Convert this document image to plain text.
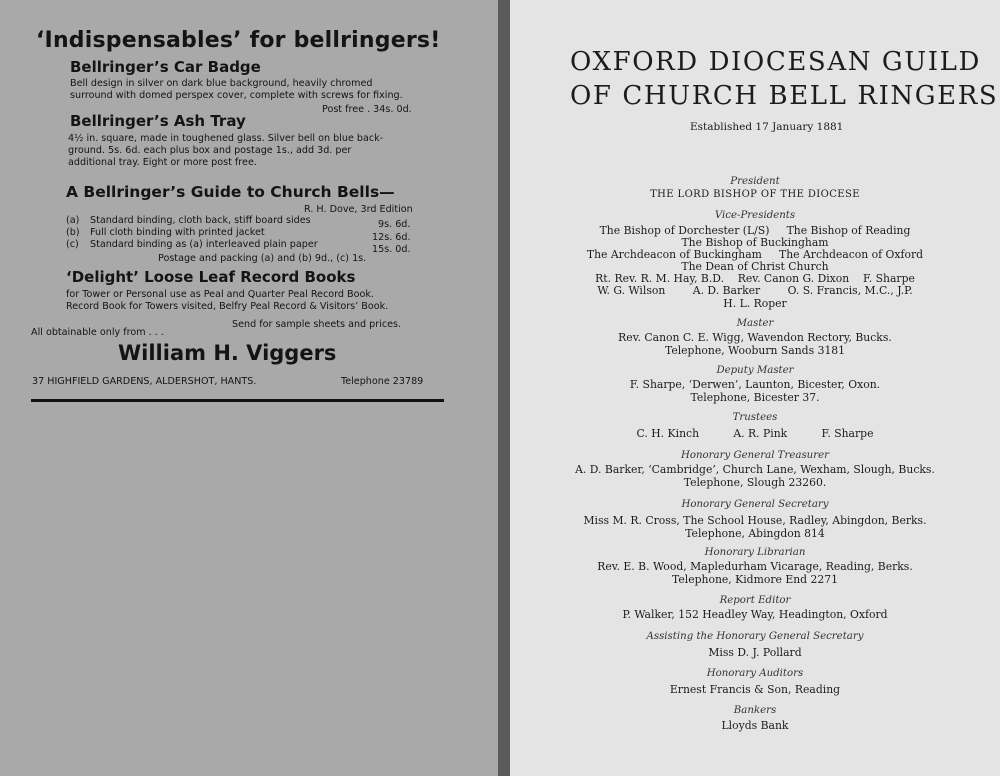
‘Indispensables’ for bellringers!
Bellringer’s Car Badge
Bell design in silver on dark blue background, heavily chromed
surround with domed perspex cover, complete with screws for fixing.
Post free . 34s. 0d.
Bellringer’s Ash Tray
4½ in. square, made in toughened glass. Silver bell on blue back-
ground. 5s. 6d. each plus box and postage 1s., add 3d. per
additional tray. Eight or more post free.
A Bellringer’s Guide to Church Bells—
R. H. Dove, 3rd Edition
(a) Standard binding, cloth back, stiff board sides	9s. 6d.
(b) Full cloth binding with printed jacket	12s. 6d.
(c) Standard binding as (a) interleaved plain paper	15s. 0d.
Postage and packing (a) and (b) 9d., (c) 1s.
‘Delight’ Loose Leaf Record Books
for Tower or Personal use as Peal and Quarter Peal Record Book.
Record Book for Towers visited, Belfry Peal Record & Visitors’ Book.
Send for sample sheets and prices.
All obtainable only from . . .
William H. Viggers
37 HIGHFIELD GARDENS, ALDERSHOT, HANTS.	Telephone 23789
OXFORD DIOCESAN GUILD
OF CHURCH BELL RINGERS
Established 17 January 1881
President
THE LORD BISHOP OF THE DIOCESE
Vice-Presidents
The Bishop of Dorchester (L/S)     The Bishop of Reading
The Bishop of Buckingham
The Archdeacon of Buckingham     The Archdeacon of Oxford
The Dean of Christ Church
Rt. Rev. R. M. Hay, B.D.    Rev. Canon G. Dixon    F. Sharpe
W. G. Wilson        A. D. Barker        O. S. Francis, M.C., J.P.
H. L. Roper
Master
Rev. Canon C. E. Wigg, Wavendon Rectory, Bucks.
Telephone, Wooburn Sands 3181
Deputy Master
F. Sharpe, ‘Derwen’, Launton, Bicester, Oxon.
Telephone, Bicester 37.
Trustees
C. H. Kinch          A. R. Pink          F. Sharpe
Honorary General Treasurer
A. D. Barker, ‘Cambridge’, Church Lane, Wexham, Slough, Bucks.
Telephone, Slough 23260.
Honorary General Secretary
Miss M. R. Cross, The School House, Radley, Abingdon, Berks.
Telephone, Abingdon 814
Honorary Librarian
Rev. E. B. Wood, Mapledurham Vicarage, Reading, Berks.
Telephone, Kidmore End 2271
Report Editor
P. Walker, 152 Headley Way, Headington, Oxford
Assisting the Honorary General Secretary
Miss D. J. Pollard
Honorary Auditors
Ernest Francis & Son, Reading
Bankers
Lloyds Bank
